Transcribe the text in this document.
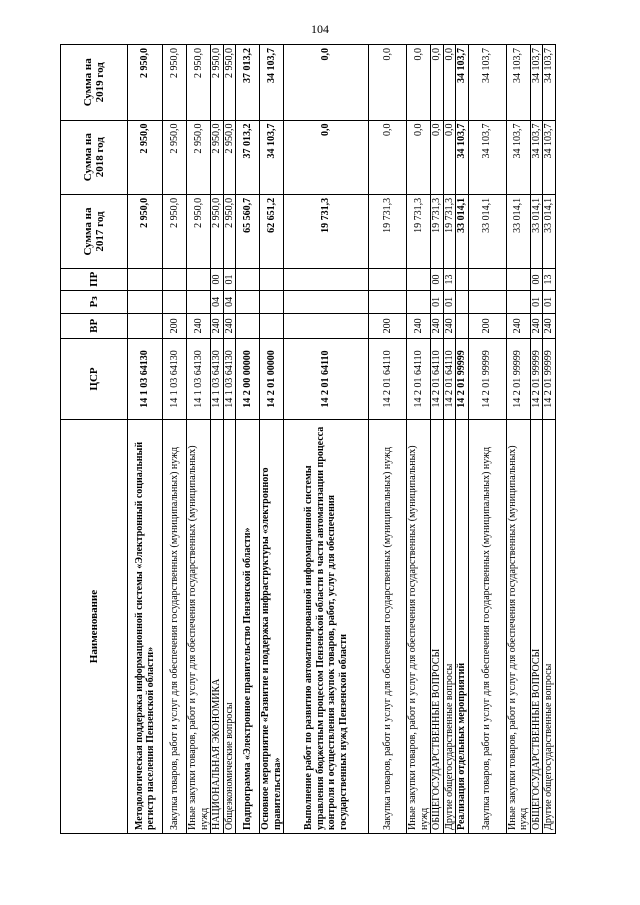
104
Наименование	ЦСР	ВР	Рз	ПР	Сумма на 2017 год	Сумма на 2018 год	Сумма на 2019 год
Методологическая поддержка информационной системы «Электронный социальный регистр населения Пензенской области»	14 1 03 64130				2 950,0	2 950,0	2 950,0
Закупка товаров, работ и услуг для обеспечения государственных (муниципальных) нужд	14 1 03 64130	200			2 950,0	2 950,0	2 950,0
Иные закупки товаров, работ и услуг для обеспечения государственных (муниципальных) нужд	14 1 03 64130	240			2 950,0	2 950,0	2 950,0
НАЦИОНАЛЬНАЯ ЭКОНОМИКА	14 1 03 64130	240	04	00	2 950,0	2 950,0	2 950,0
Общеэкономические вопросы	14 1 03 64130	240	04	01	2 950,0	2 950,0	2 950,0
Подпрограмма «Электронное правительство Пензенской области»	14 2 00 00000				65 560,7	37 013,2	37 013,2
Основное мероприятие «Развитие и поддержка инфраструктуры «электронного правительства»	14 2 01 00000				62 651,2	34 103,7	34 103,7
Выполнение работ по развитию автоматизированной информационной системы управления бюджетным процессом Пензенской области в части автоматизации процесса контроля и осуществления закупок товаров, работ, услуг для обеспечения государственных нужд Пензенской области	14 2 01 64110				19 731,3	0,0	0,0
Закупка товаров, работ и услуг для обеспечения государственных (муниципальных) нужд	14 2 01 64110	200			19 731,3	0,0	0,0
Иные закупки товаров, работ и услуг для обеспечения государственных (муниципальных) нужд	14 2 01 64110	240			19 731,3	0,0	0,0
ОБЩЕГОСУДАРСТВЕННЫЕ ВОПРОСЫ	14 2 01 64110	240	01	00	19 731,3	0,0	0,0
Другие общегосударственные вопросы	14 2 01 64110	240	01	13	19 731,3	0,0	0,0
Реализация отдельных мероприятий	14 2 01 99999				33 014,1	34 103,7	34 103,7
Закупка товаров, работ и услуг для обеспечения государственных (муниципальных) нужд	14 2 01 99999	200			33 014,1	34 103,7	34 103,7
Иные закупки товаров, работ и услуг для обеспечения государственных (муниципальных) нужд	14 2 01 99999	240			33 014,1	34 103,7	34 103,7
ОБЩЕГОСУДАРСТВЕННЫЕ ВОПРОСЫ	14 2 01 99999	240	01	00	33 014,1	34 103,7	34 103,7
Другие общегосударственные вопросы	14 2 01 99999	240	01	13	33 014,1	34 103,7	34 103,7
